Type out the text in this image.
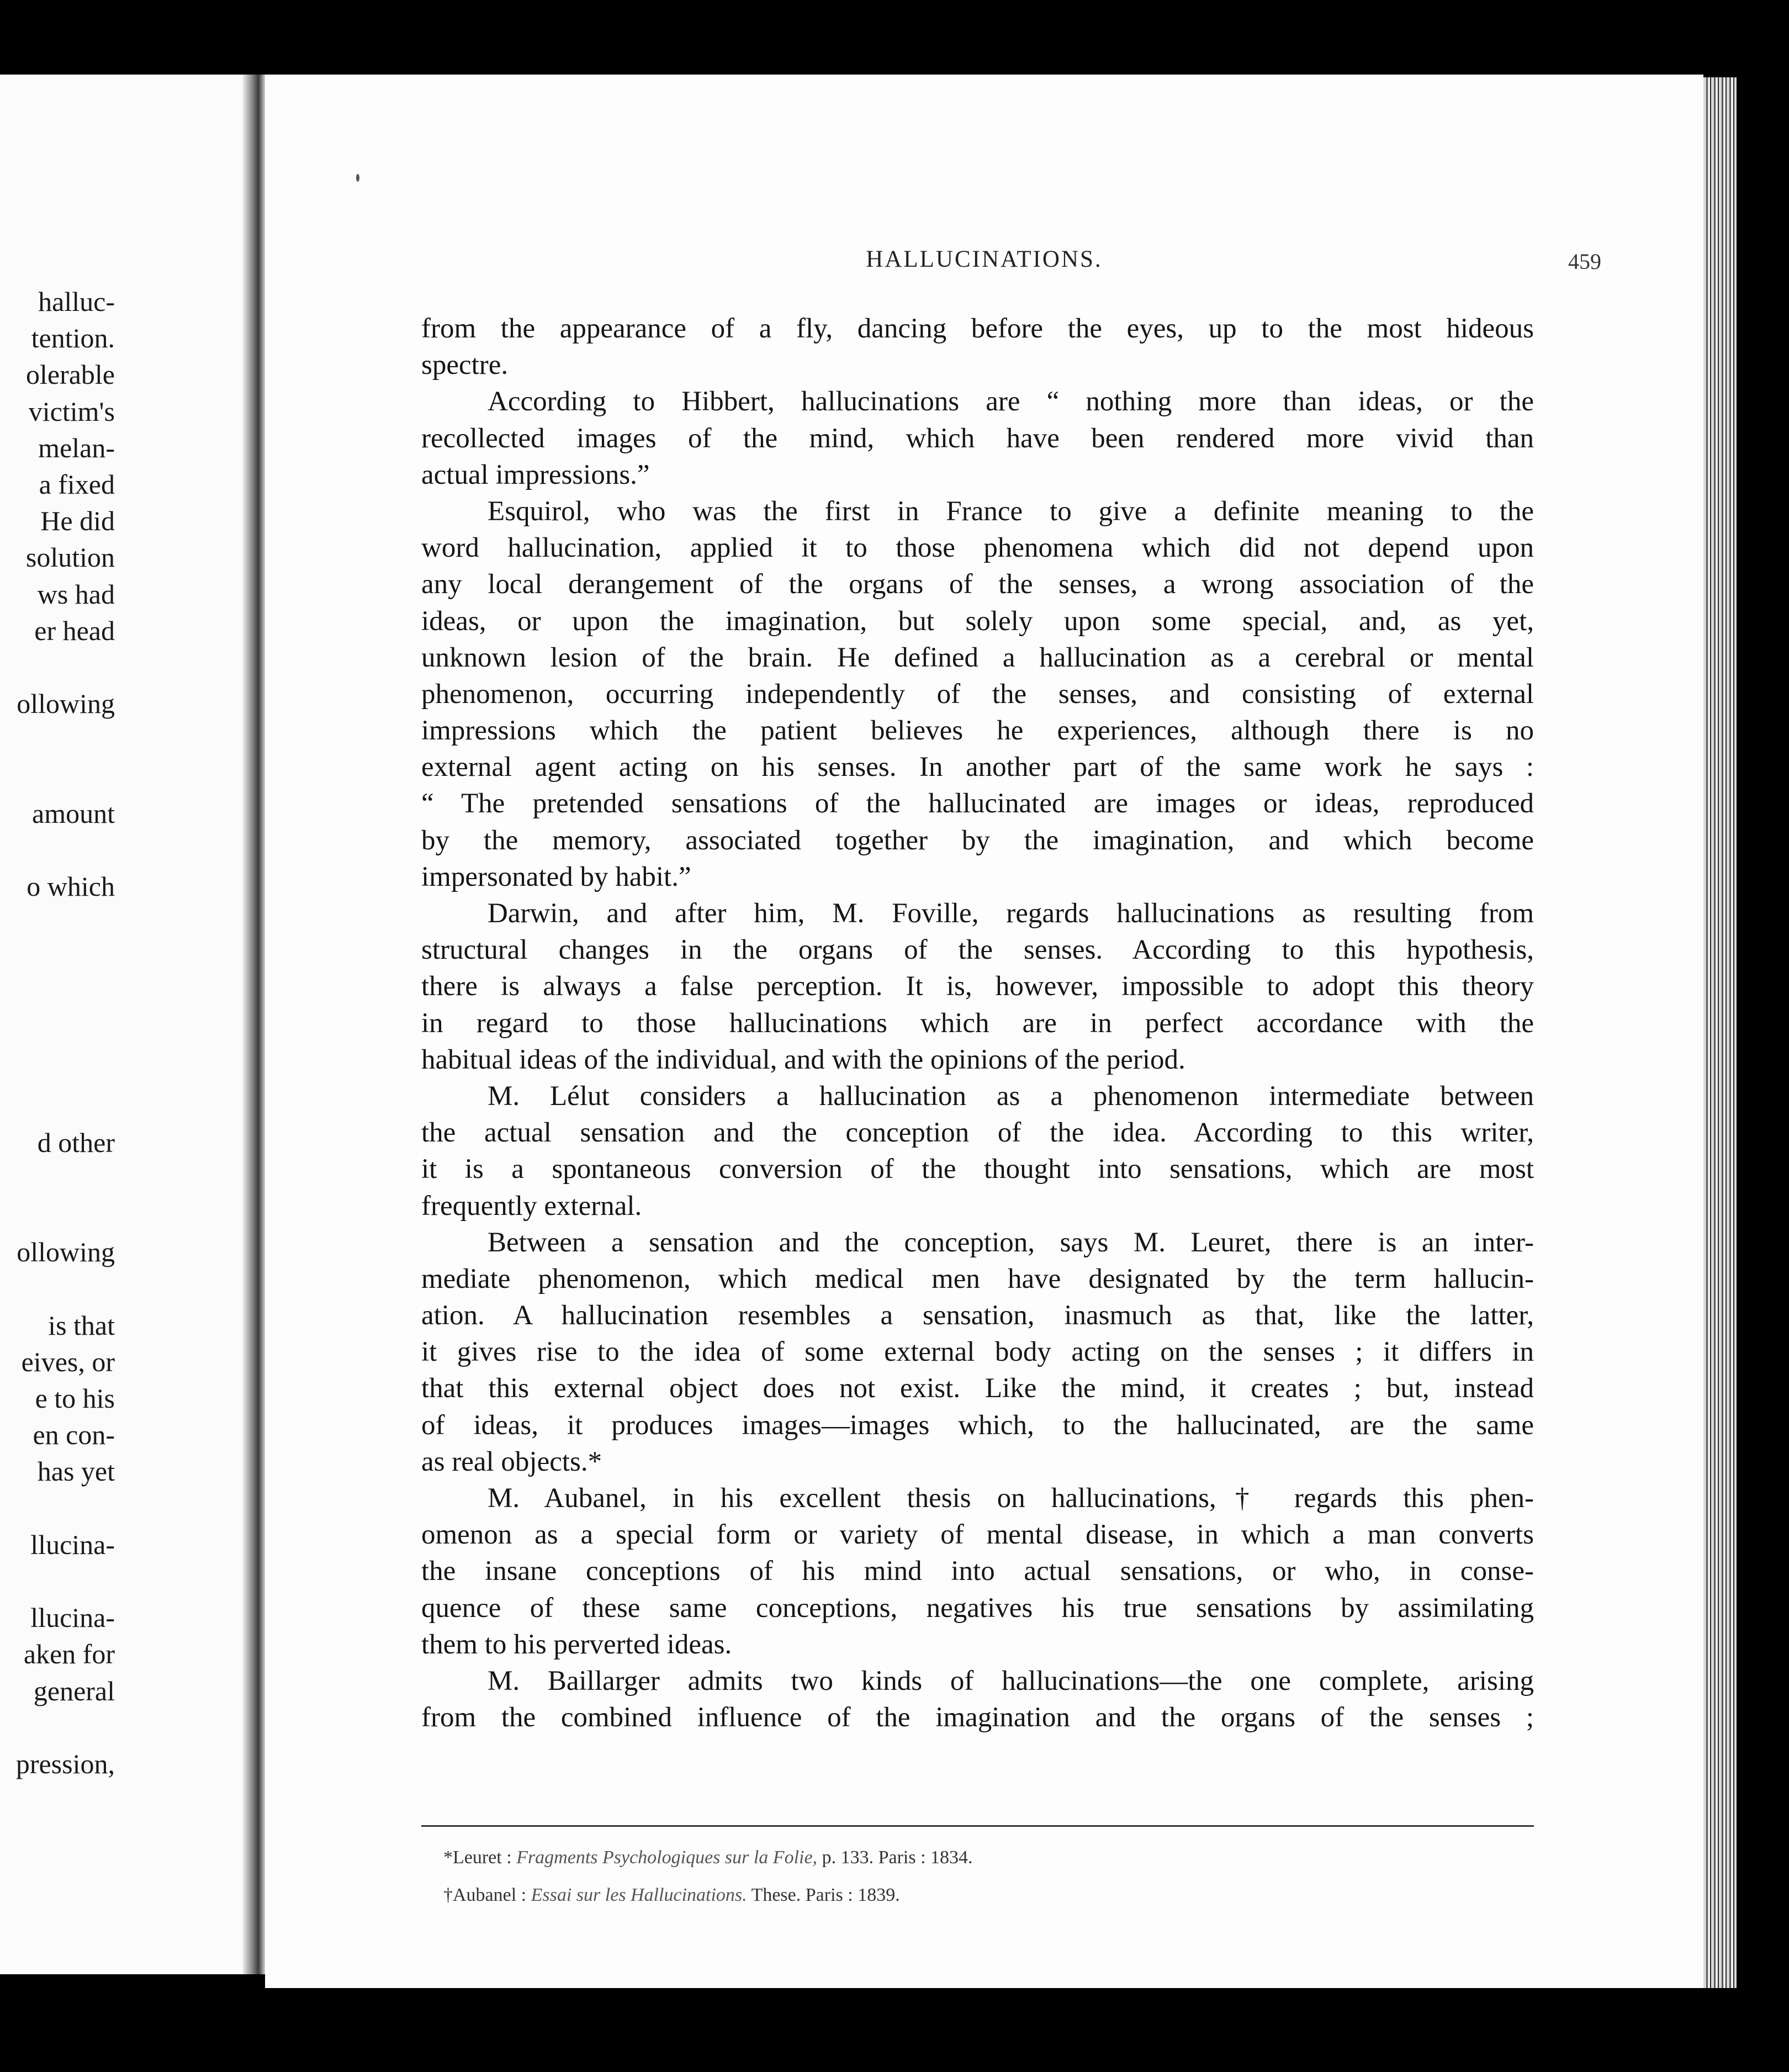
halluc-
tention.
olerable
victim's
melan-
a fixed
He did
solution
ws had
er head
ollowing
amount
o which
d other
ollowing
is that
eives, or
e to his
en con-
has yet
llucina-
llucina-
aken for
general
pression,
HALLUCINATIONS.	459
from the appearance of a fly, dancing before the eyes, up to the most hideous
spectre.
According to Hibbert, hallucinations are “ nothing more than ideas, or the
recollected images of the mind, which have been rendered more vivid than
actual impressions.”
Esquirol, who was the first in France to give a definite meaning to the
word hallucination, applied it to those phenomena which did not depend upon
any local derangement of the organs of the senses, a wrong association of the
ideas, or upon the imagination, but solely upon some special, and, as yet,
unknown lesion of the brain. He defined a hallucination as a cerebral or mental
phenomenon, occurring independently of the senses, and consisting of external
impressions which the patient believes he experiences, although there is no
external agent acting on his senses. In another part of the same work he says :
“ The pretended sensations of the hallucinated are images or ideas, reproduced
by the memory, associated together by the imagination, and which become
impersonated by habit.”
Darwin, and after him, M. Foville, regards hallucinations as resulting from
structural changes in the organs of the senses. According to this hypothesis,
there is always a false perception. It is, however, impossible to adopt this theory
in regard to those hallucinations which are in perfect accordance with the
habitual ideas of the individual, and with the opinions of the period.
M. Lélut considers a hallucination as a phenomenon intermediate between
the actual sensation and the conception of the idea. According to this writer,
it is a spontaneous conversion of the thought into sensations, which are most
frequently external.
Between a sensation and the conception, says M. Leuret, there is an inter-
mediate phenomenon, which medical men have designated by the term hallucin-
ation. A hallucination resembles a sensation, inasmuch as that, like the latter,
it gives rise to the idea of some external body acting on the senses ; it differs in
that this external object does not exist. Like the mind, it creates ; but, instead
of ideas, it produces images—images which, to the hallucinated, are the same
as real objects.*
M. Aubanel, in his excellent thesis on hallucinations,† regards this phen-
omenon as a special form or variety of mental disease, in which a man converts
the insane conceptions of his mind into actual sensations, or who, in conse-
quence of these same conceptions, negatives his true sensations by assimilating
them to his perverted ideas.
M. Baillarger admits two kinds of hallucinations—the one complete, arising
from the combined influence of the imagination and the organs of the senses ;
*Leuret : Fragments Psychologiques sur la Folie, p. 133. Paris : 1834.
†Aubanel : Essai sur les Hallucinations. These. Paris : 1839.
